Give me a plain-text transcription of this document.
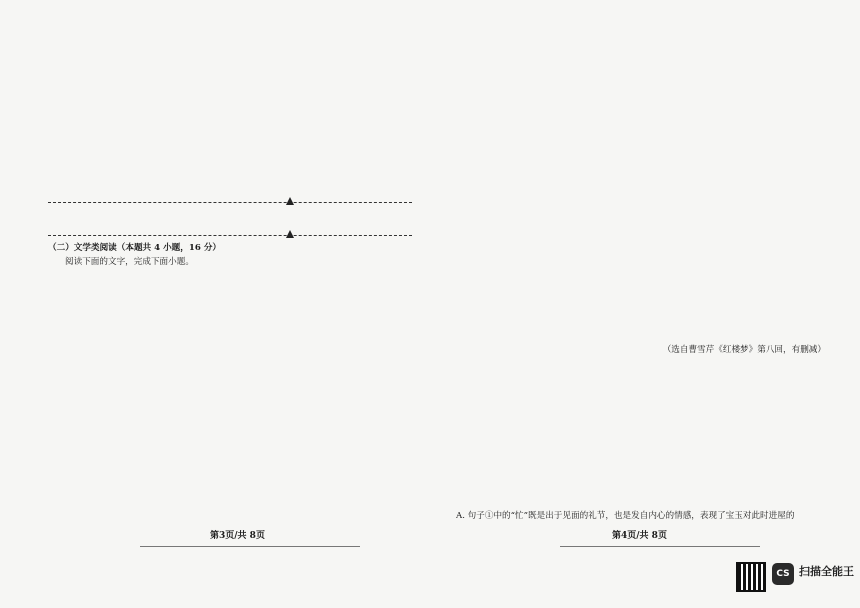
（二）文学类阅读（本题共 4 小题，16 分）
阅读下面的文字，完成下面小题。
（选自曹雪芹《红楼梦》第八回，有删减）
A. 句子①中的“忙”既是出于见面的礼节，也是发自内心的情感，表现了宝玉对此时进屋的
第3页/共 8页	第4页/共 8页
CS 扫描全能王
